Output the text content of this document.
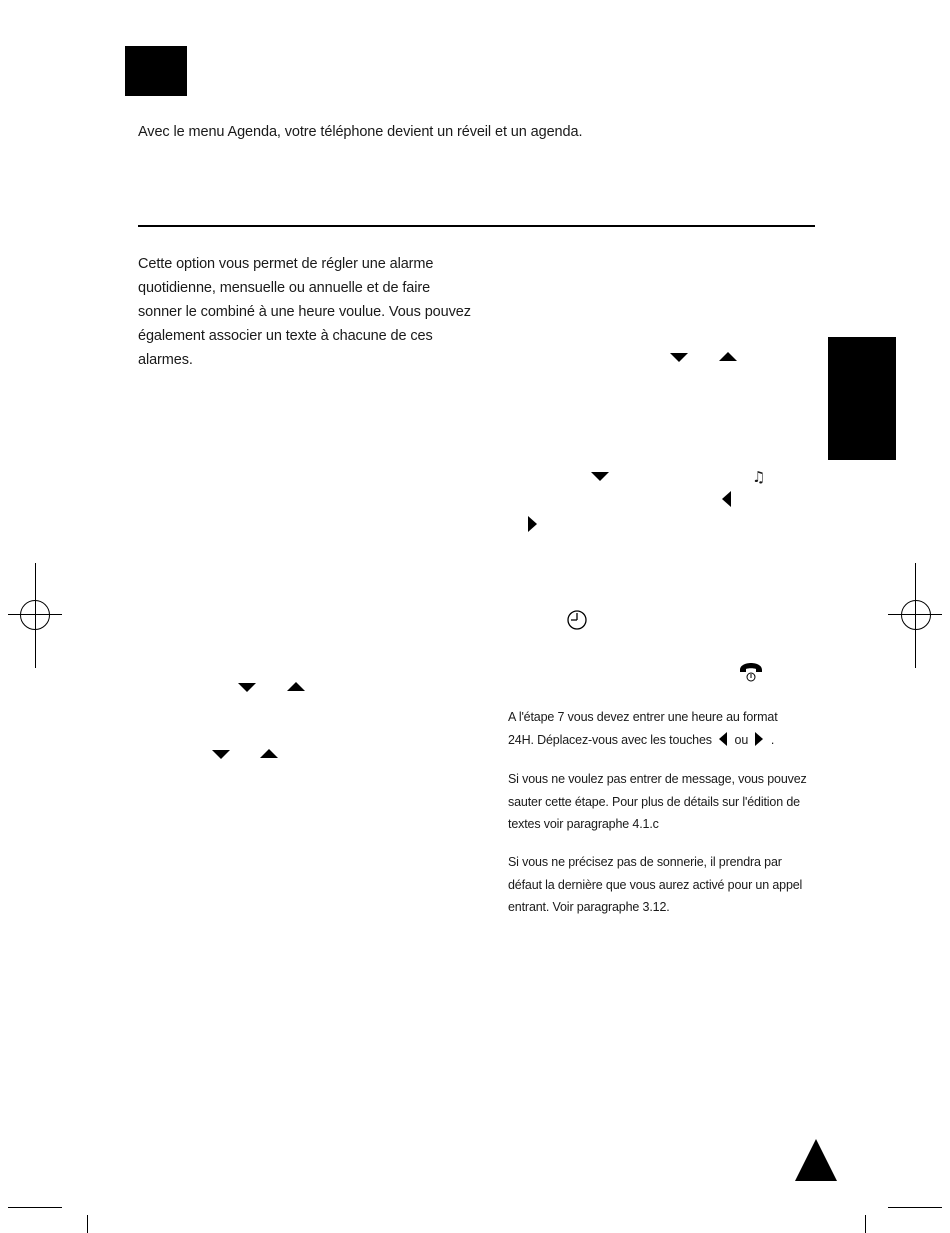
Avec le menu Agenda, votre téléphone devient un réveil et un agenda.
Cette option vous permet de régler une alarme
quotidienne, mensuelle ou annuelle et de faire
sonner le combiné à une heure voulue. Vous pouvez
également associer un texte à chacune de ces
alarmes.
♫
A l'étape 7 vous devez entrer une heure au format
24H. Déplacez-vous avec les touches ou .
Si vous ne voulez pas entrer de message, vous pouvez
sauter cette étape. Pour plus de détails sur l'édition de
textes voir paragraphe 4.1.c
Si vous ne précisez pas de sonnerie, il prendra par
défaut la dernière que vous aurez activé pour un appel
entrant. Voir paragraphe 3.12.
